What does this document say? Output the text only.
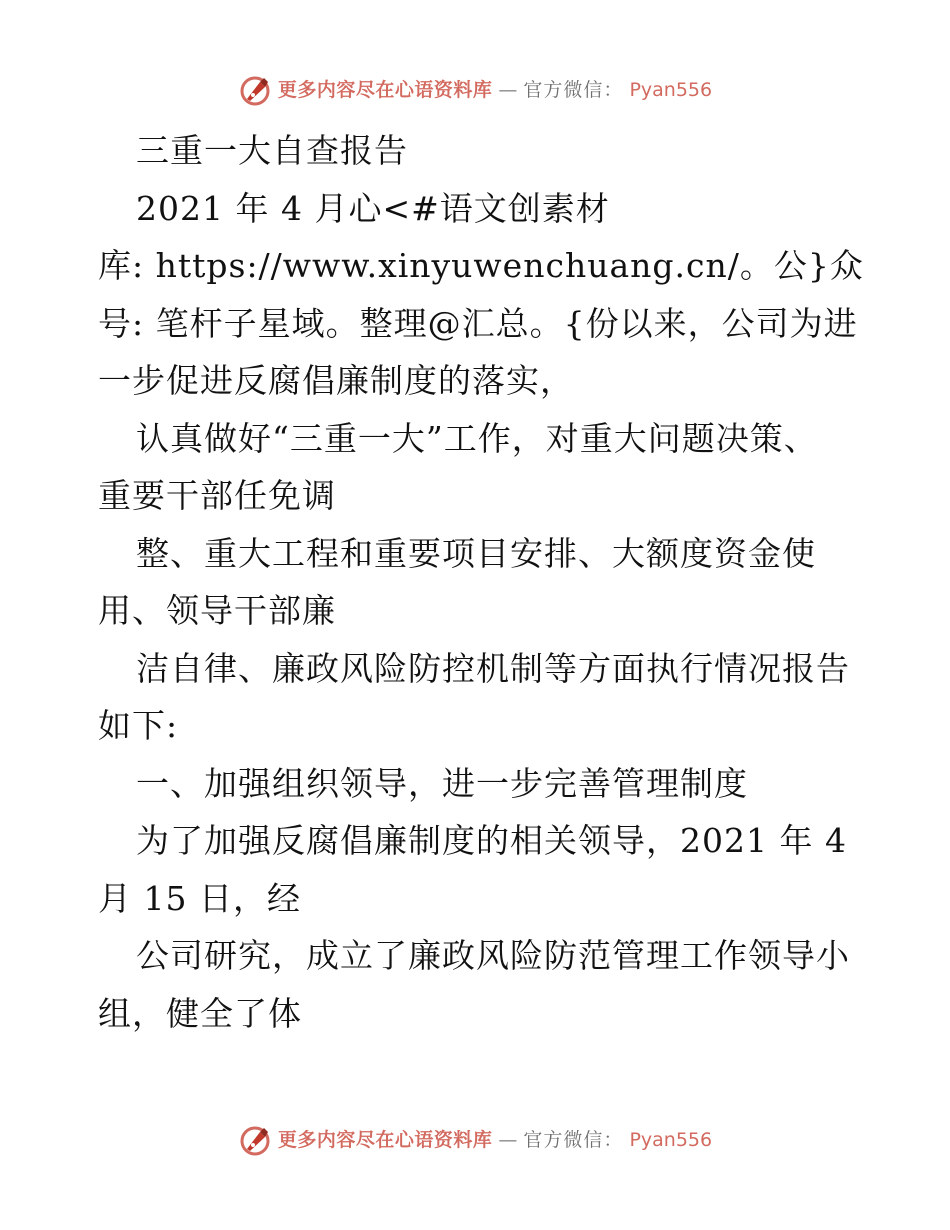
更多内容尽在心语资料库 — 官方微信： Pyan556
三重一大自查报告
2021 年 4 月心<#语文创素材
库: https://www.xinyuwenchuang.cn/。公}众
号: 笔杆子星域。整理@汇总。{份以来，公司为进
一步促进反腐倡廉制度的落实，
认真做好“三重一大”工作，对重大问题决策、
重要干部任免调
整、重大工程和重要项目安排、大额度资金使
用、领导干部廉
洁自律、廉政风险防控机制等方面执行情况报告
如下:
一、加强组织领导，进一步完善管理制度
为了加强反腐倡廉制度的相关领导，2021 年 4
月 15 日，经
公司研究，成立了廉政风险防范管理工作领导小
组，健全了体
更多内容尽在心语资料库 — 官方微信： Pyan556
